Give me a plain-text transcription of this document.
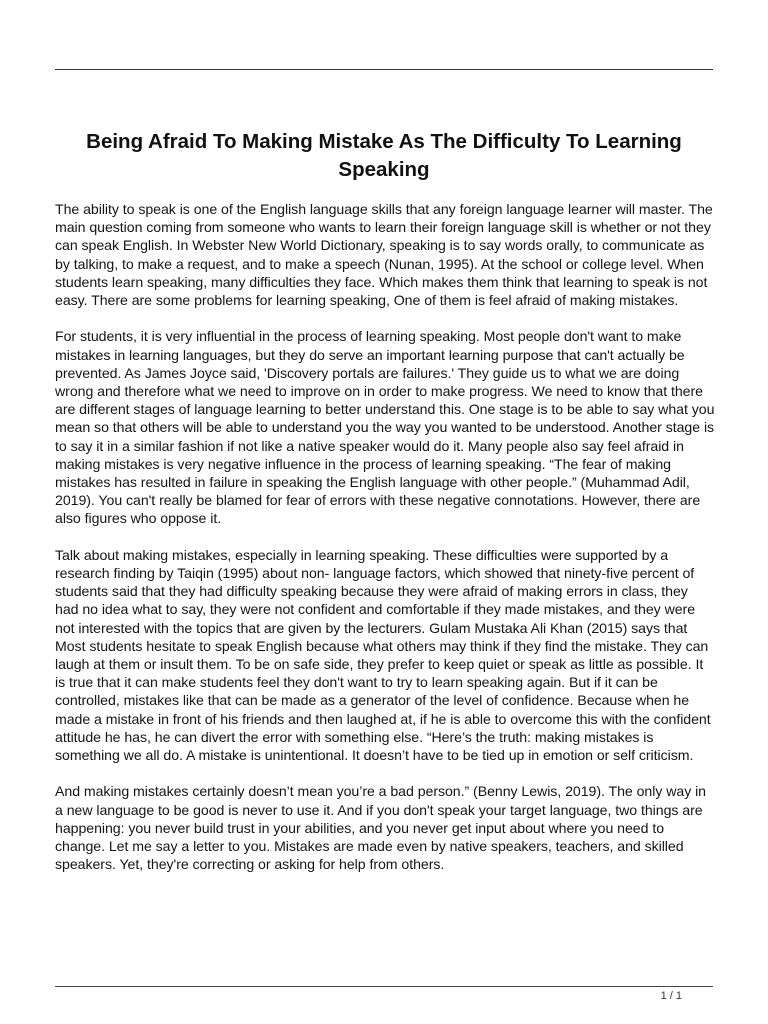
Being Afraid To Making Mistake As The Difficulty To Learning Speaking

The ability to speak is one of the English language skills that any foreign language learner will master. The main question coming from someone who wants to learn their foreign language skill is whether or not they can speak English. In Webster New World Dictionary, speaking is to say words orally, to communicate as by talking, to make a request, and to make a speech (Nunan, 1995). At the school or college level. When students learn speaking, many difficulties they face. Which makes them think that learning to speak is not easy. There are some problems for learning speaking, One of them is feel afraid of making mistakes.

For students, it is very influential in the process of learning speaking. Most people don't want to make mistakes in learning languages, but they do serve an important learning purpose that can't actually be prevented. As James Joyce said, 'Discovery portals are failures.' They guide us to what we are doing wrong and therefore what we need to improve on in order to make progress. We need to know that there are different stages of language learning to better understand this. One stage is to be able to say what you mean so that others will be able to understand you the way you wanted to be understood. Another stage is to say it in a similar fashion if not like a native speaker would do it. Many people also say feel afraid in making mistakes is very negative influence in the process of learning speaking. “The fear of making mistakes has resulted in failure in speaking the English language with other people.” (Muhammad Adil, 2019). You can't really be blamed for fear of errors with these negative connotations. However, there are also figures who oppose it.

Talk about making mistakes, especially in learning speaking. These difficulties were supported by a research finding by Taiqin (1995) about non- language factors, which showed that ninety-five percent of students said that they had difficulty speaking because they were afraid of making errors in class, they had no idea what to say, they were not confident and comfortable if they made mistakes, and they were not interested with the topics that are given by the lecturers. Gulam Mustaka Ali Khan (2015) says that Most students hesitate to speak English because what others may think if they find the mistake. They can laugh at them or insult them. To be on safe side, they prefer to keep quiet or speak as little as possible. It is true that it can make students feel they don't want to try to learn speaking again. But if it can be controlled, mistakes like that can be made as a generator of the level of confidence. Because when he made a mistake in front of his friends and then laughed at, if he is able to overcome this with the confident attitude he has, he can divert the error with something else. “Here’s the truth: making mistakes is something we all do. A mistake is unintentional. It doesn’t have to be tied up in emotion or self criticism.

And making mistakes certainly doesn’t mean you’re a bad person.” (Benny Lewis, 2019). The only way in a new language to be good is never to use it. And if you don't speak your target language, two things are happening: you never build trust in your abilities, and you never get input about where you need to change. Let me say a letter to you. Mistakes are made even by native speakers, teachers, and skilled speakers. Yet, they're correcting or asking for help from others.

1 / 1
